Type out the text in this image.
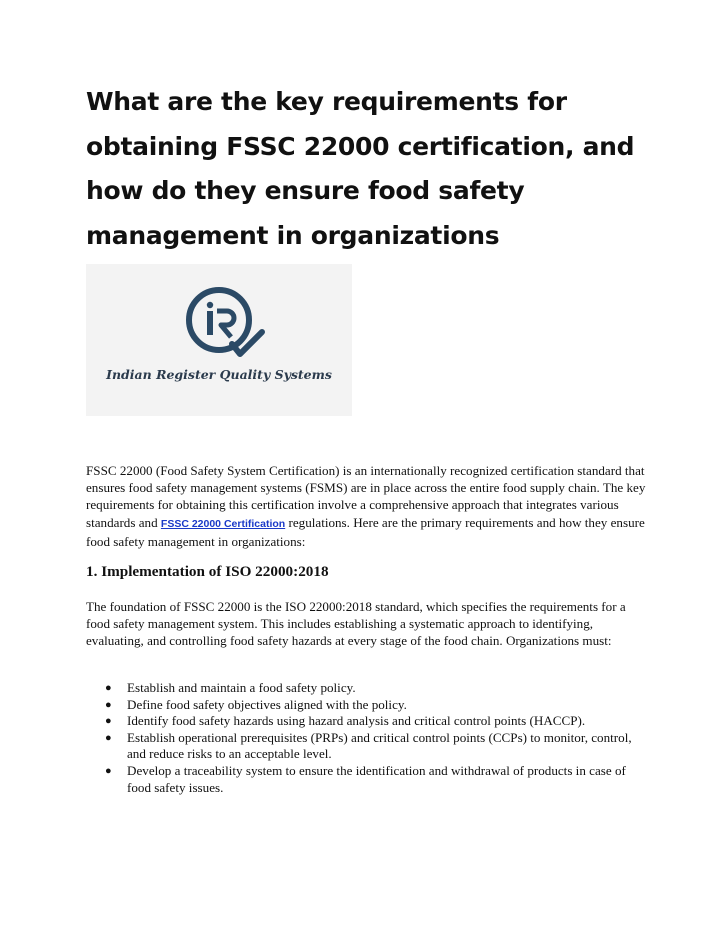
What are the key requirements for obtaining FSSC 22000 certification, and how do they ensure food safety management in organizations
Indian Register Quality Systems

FSSC 22000 (Food Safety System Certification) is an internationally recognized certification standard that ensures food safety management systems (FSMS) are in place across the entire food supply chain. The key requirements for obtaining this certification involve a comprehensive approach that integrates various standards and FSSC 22000 Certification regulations. Here are the primary requirements and how they ensure food safety management in organizations:

1. Implementation of ISO 22000:2018

The foundation of FSSC 22000 is the ISO 22000:2018 standard, which specifies the requirements for a food safety management system. This includes establishing a systematic approach to identifying, evaluating, and controlling food safety hazards at every stage of the food chain. Organizations must:

● Establish and maintain a food safety policy.
● Define food safety objectives aligned with the policy.
● Identify food safety hazards using hazard analysis and critical control points (HACCP).
● Establish operational prerequisites (PRPs) and critical control points (CCPs) to monitor, control, and reduce risks to an acceptable level.
● Develop a traceability system to ensure the identification and withdrawal of products in case of food safety issues.
